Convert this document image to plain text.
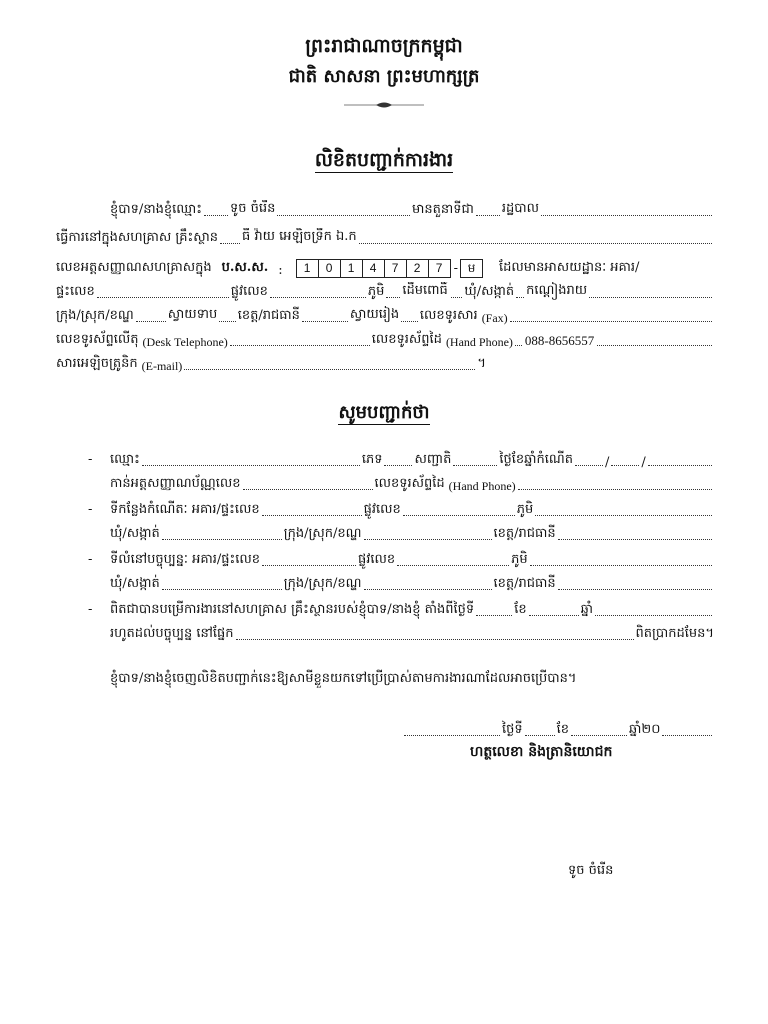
ព្រះរាជាណាចក្រកម្ពុជា
ជាតិ សាសនា ព្រះមហាក្សត្រ
លិខិតបញ្ជាក់ការងារ
ខ្ញុំបាទ/នាងខ្ញុំឈ្មោះ ទូច ចំរើន	មានតួនាទីជា រដ្ឋបាល
ធ្វើការនៅក្នុងសហគ្រាស គ្រឹះស្ថាន ធី វ៉ាយ អេឡិចទ្រីក ឯ.ក
លេខអត្តសញ្ញាណសហគ្រាសក្នុង ប.ស.ស. :	1	0	1	4	7	2	7 - ម	ដែលមានអាសយដ្ឋានៈ អគារ/
ផ្ទះលេខ	ផ្លូវលេខ	ភូមិ ដើមពោធិ៍ ឃុំ/សង្កាត់ កណ្ដៀងរាយ
ក្រុង/ស្រុក/ខណ្ឌ	ស្វាយទាប ខេត្ត/រាជធានី	ស្វាយរៀង លេខទូរសារ (Fax)
លេខទូរស័ព្ទលើតុ (Desk Telephone)	លេខទូរស័ព្ទដៃ (Hand Phone) 088-8656557
សារអេឡិចត្រូនិក (E-mail)	។
សូមបញ្ជាក់ថា
-	ឈ្មោះ	ភេទ សញ្ជាតិ	ថ្ងៃខែឆ្នាំកំណើត / /
កាន់អត្តសញ្ញាណប័ណ្ណលេខ	លេខទូរស័ព្ទដៃ (Hand Phone)
-	ទីកន្លែងកំណើតៈ អគារ/ផ្ទះលេខ	ផ្លូវលេខ	ភូមិ
ឃុំ/សង្កាត់	ក្រុង/ស្រុក/ខណ្ឌ	ខេត្ត/រាជធានី
-	ទីលំនៅបច្ចុប្បន្នៈ អគារ/ផ្ទះលេខ	ផ្លូវលេខ	ភូមិ
ឃុំ/សង្កាត់	ក្រុង/ស្រុក/ខណ្ឌ	ខេត្ត/រាជធានី
-	ពិតជាបានបម្រើការងារនៅសហគ្រាស គ្រឹះស្ថានរបស់ខ្ញុំបាទ/នាងខ្ញុំ តាំងពីថ្ងៃទី	ខែ	ឆ្នាំ
រហូតដល់បច្ចុប្បន្ន នៅផ្នែក	ពិតប្រាកដមែន។
ខ្ញុំបាទ/នាងខ្ញុំចេញលិខិតបញ្ជាក់នេះឱ្យសាមីខ្លួនយកទៅប្រើប្រាស់តាមការងារណាដែលអាចប្រើបាន។
ថ្ងៃទី	ខែ	ឆ្នាំ២០
ហត្ថលេខា និងត្រានិយោជក
ទូច ចំរើន
